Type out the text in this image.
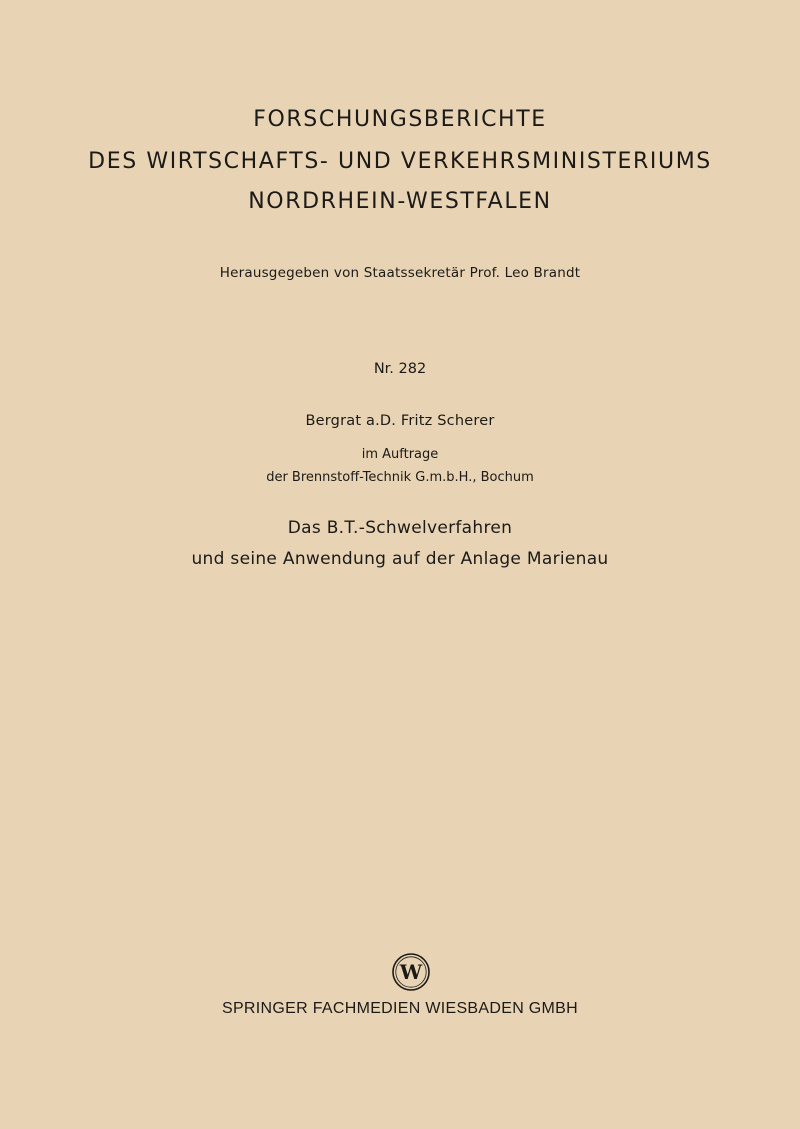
FORSCHUNGSBERICHTE

DES WIRTSCHAFTS- UND VERKEHRSMINISTERIUMS

NORDRHEIN-WESTFALEN

Herausgegeben von Staatssekretär Prof. Leo Brandt

Nr. 282

Bergrat a.D. Fritz Scherer

im Auftrage

der Brennstoff-Technik G.m.b.H., Bochum

Das B.T.-Schwelverfahren

und seine Anwendung auf der Anlage Marienau

W

SPRINGER FACHMEDIEN WIESBADEN GMBH
